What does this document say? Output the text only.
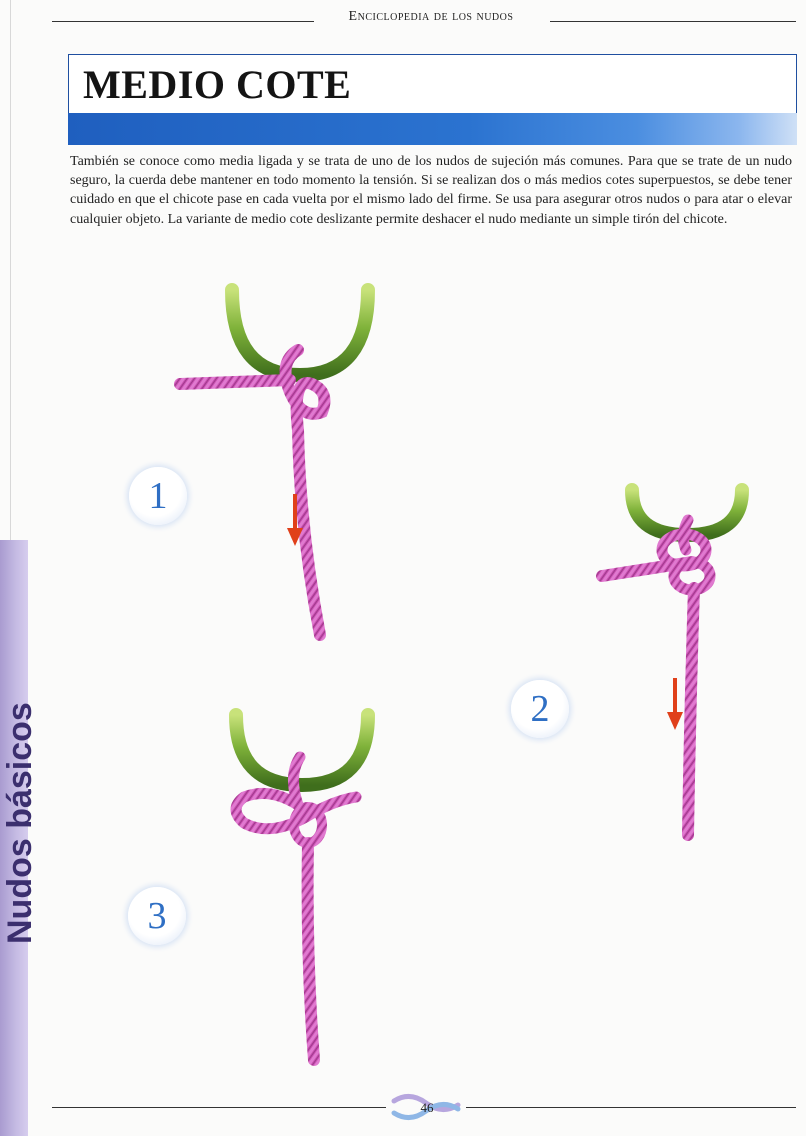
Enciclopedia de los nudos
MEDIO COTE

También se conoce como media ligada y se trata de uno de los nudos de sujeción más comunes. Para que se trate de un nudo seguro, la cuerda debe mantener en todo momento la tensión. Si se realizan dos o más medios cotes superpuestos, se debe tener cuidado en que el chicote pase en cada vuelta por el mismo lado del firme. Se usa para asegurar otros nudos o para atar o elevar cualquier objeto. La variante de medio cote deslizante permite deshacer el nudo mediante un simple tirón del chicote.

Nudos básicos
1
2
3
46
